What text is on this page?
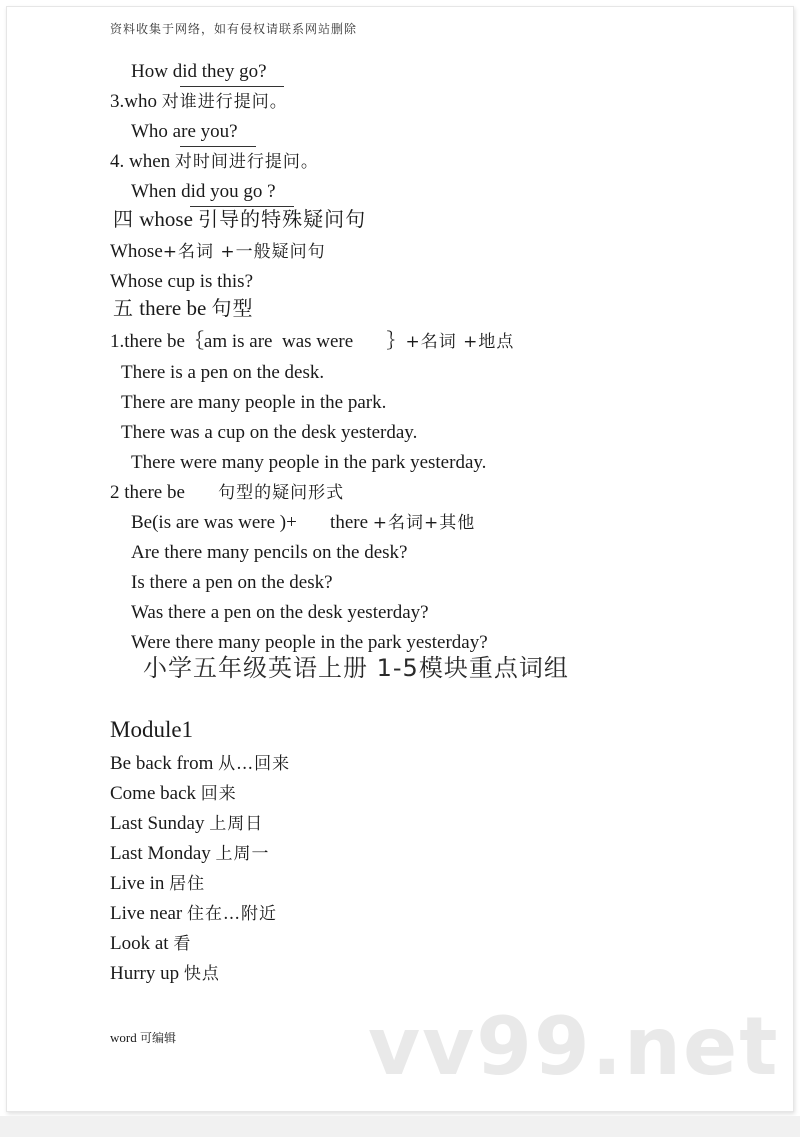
资料收集于网络，如有侵权请联系网站删除
How did they go?
3.who 对谁进行提问。
Who are you?
4. when 对时间进行提问。
When did you go ?
四 whose 引导的特殊疑问句
Whose+名词 +一般疑问句
Whose cup is this?
五 there be 句型
1.there be｛am is are  was were       ｝+名词 +地点
There is a pen on the desk.
There are many people in the park.
There was a cup on the desk yesterday.
There were many people in the park yesterday.
2 there be       句型的疑问形式
Be(is are was were )+       there +名词+其他
Are there many pencils on the desk?
Is there a pen on the desk?
Was there a pen on the desk yesterday?
Were there many people in the park yesterday?
小学五年级英语上册 1-5模块重点词组
Module1
Be back from 从…回来
Come back 回来
Last Sunday 上周日
Last Monday 上周一
Live in 居住
Live near 住在…附近
Look at 看
Hurry up 快点
vv99.net
word 可编辑
